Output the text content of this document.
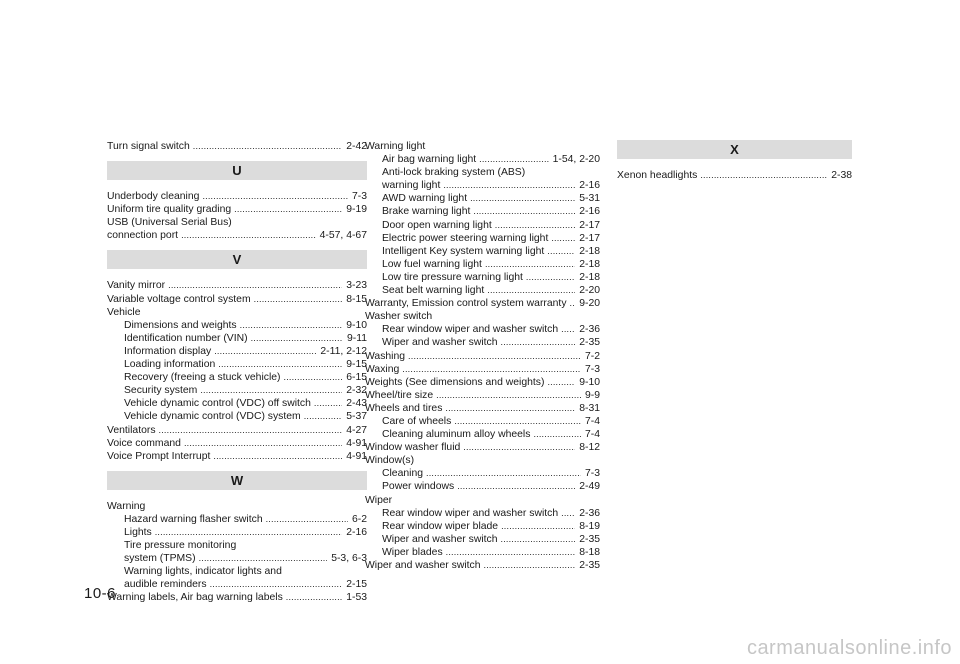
Turn signal switch .....	2-42
U
Underbody cleaning .....	7-3
Uniform tire quality grading .....	9-19
USB (Universal Serial Bus)
connection port .....	4-57, 4-67
V
Vanity mirror .....	3-23
Variable voltage control system .....	8-15
Vehicle
Dimensions and weights .....	9-10
Identification number (VIN) .....	9-11
Information display .....	2-11, 2-12
Loading information .....	9-15
Recovery (freeing a stuck vehicle) .....	6-15
Security system .....	2-32
Vehicle dynamic control (VDC) off switch .....	2-43
Vehicle dynamic control (VDC) system .....	5-37
Ventilators .....	4-27
Voice command .....	4-91
Voice Prompt Interrupt .....	4-91
W
Warning
Hazard warning flasher switch .....	6-2
Lights .....	2-16
Tire pressure monitoring
system (TPMS) .....	5-3, 6-3
Warning lights, indicator lights and
audible reminders .....	2-15
Warning labels, Air bag warning labels .....	1-53
Warning light
Air bag warning light .....	1-54, 2-20
Anti-lock braking system (ABS)
warning light .....	2-16
AWD warning light .....	5-31
Brake warning light .....	2-16
Door open warning light .....	2-17
Electric power steering warning light .....	2-17
Intelligent Key system warning light .....	2-18
Low fuel warning light .....	2-18
Low tire pressure warning light .....	2-18
Seat belt warning light .....	2-20
Warranty, Emission control system warranty ..... 9-20
Washer switch
Rear window wiper and washer switch ..... 2-36
Wiper and washer switch .....	2-35
Washing .....	7-2
Waxing .....	7-3
Weights (See dimensions and weights) .....	9-10
Wheel/tire size .....	9-9
Wheels and tires .....	8-31
Care of wheels .....	7-4
Cleaning aluminum alloy wheels .....	7-4
Window washer fluid .....	8-12
Window(s)
Cleaning .....	7-3
Power windows .....	2-49
Wiper
Rear window wiper and washer switch ..... 2-36
Rear window wiper blade .....	8-19
Wiper and washer switch .....	2-35
Wiper blades .....	8-18
Wiper and washer switch .....	2-35
X
Xenon headlights .....	2-38
10-6
carmanualsonline.info
